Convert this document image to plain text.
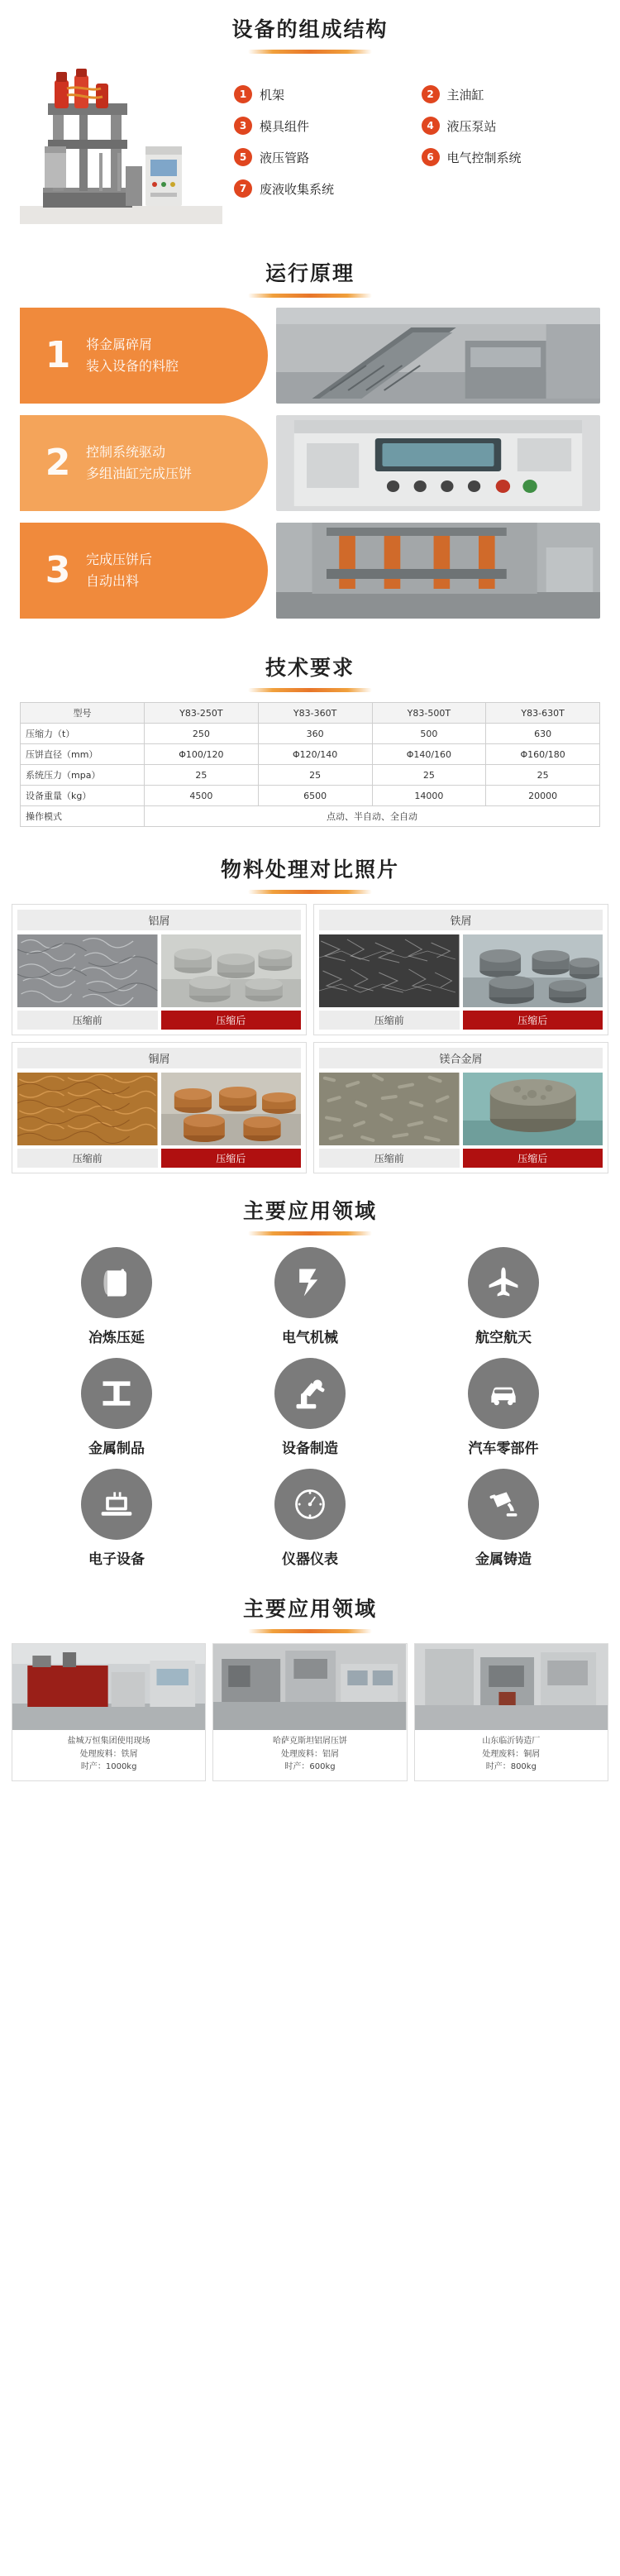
设备的组成结构
1	机架	2	主油缸
3	模具组件	4	液压泵站
5	液压管路	6	电气控制系统
7	废液收集系统
运行原理
1	将金属碎屑
装入设备的料腔
2	控制系统驱动
多组油缸完成压饼
3	完成压饼后
自动出料
技术要求
型号	Y83-250T	Y83-360T	Y83-500T	Y83-630T
压缩力（t）	250	360	500	630
压饼直径（mm）	Φ100/120	Φ120/140	Φ140/160	Φ160/180
系统压力（mpa）	25	25	25	25
设备重量（kg）	4500	6500	14000	20000
操作模式	点动、半自动、全自动			
物料处理对比照片
铝屑
压缩前	压缩后
铁屑
压缩前	压缩后
铜屑
压缩前	压缩后
镁合金屑
压缩前	压缩后
主要应用领域
冶炼压延	电气机械	航空航天
金属制品	设备制造	汽车零部件
电子设备	仪器仪表	金属铸造
主要应用领域
盐城万恒集团使用现场
处理废料：铁屑
时产：1000kg
哈萨克斯坦铝屑压饼
处理废料：铝屑
时产：600kg
山东临沂铸造厂
处理废料：铜屑
时产：800kg
